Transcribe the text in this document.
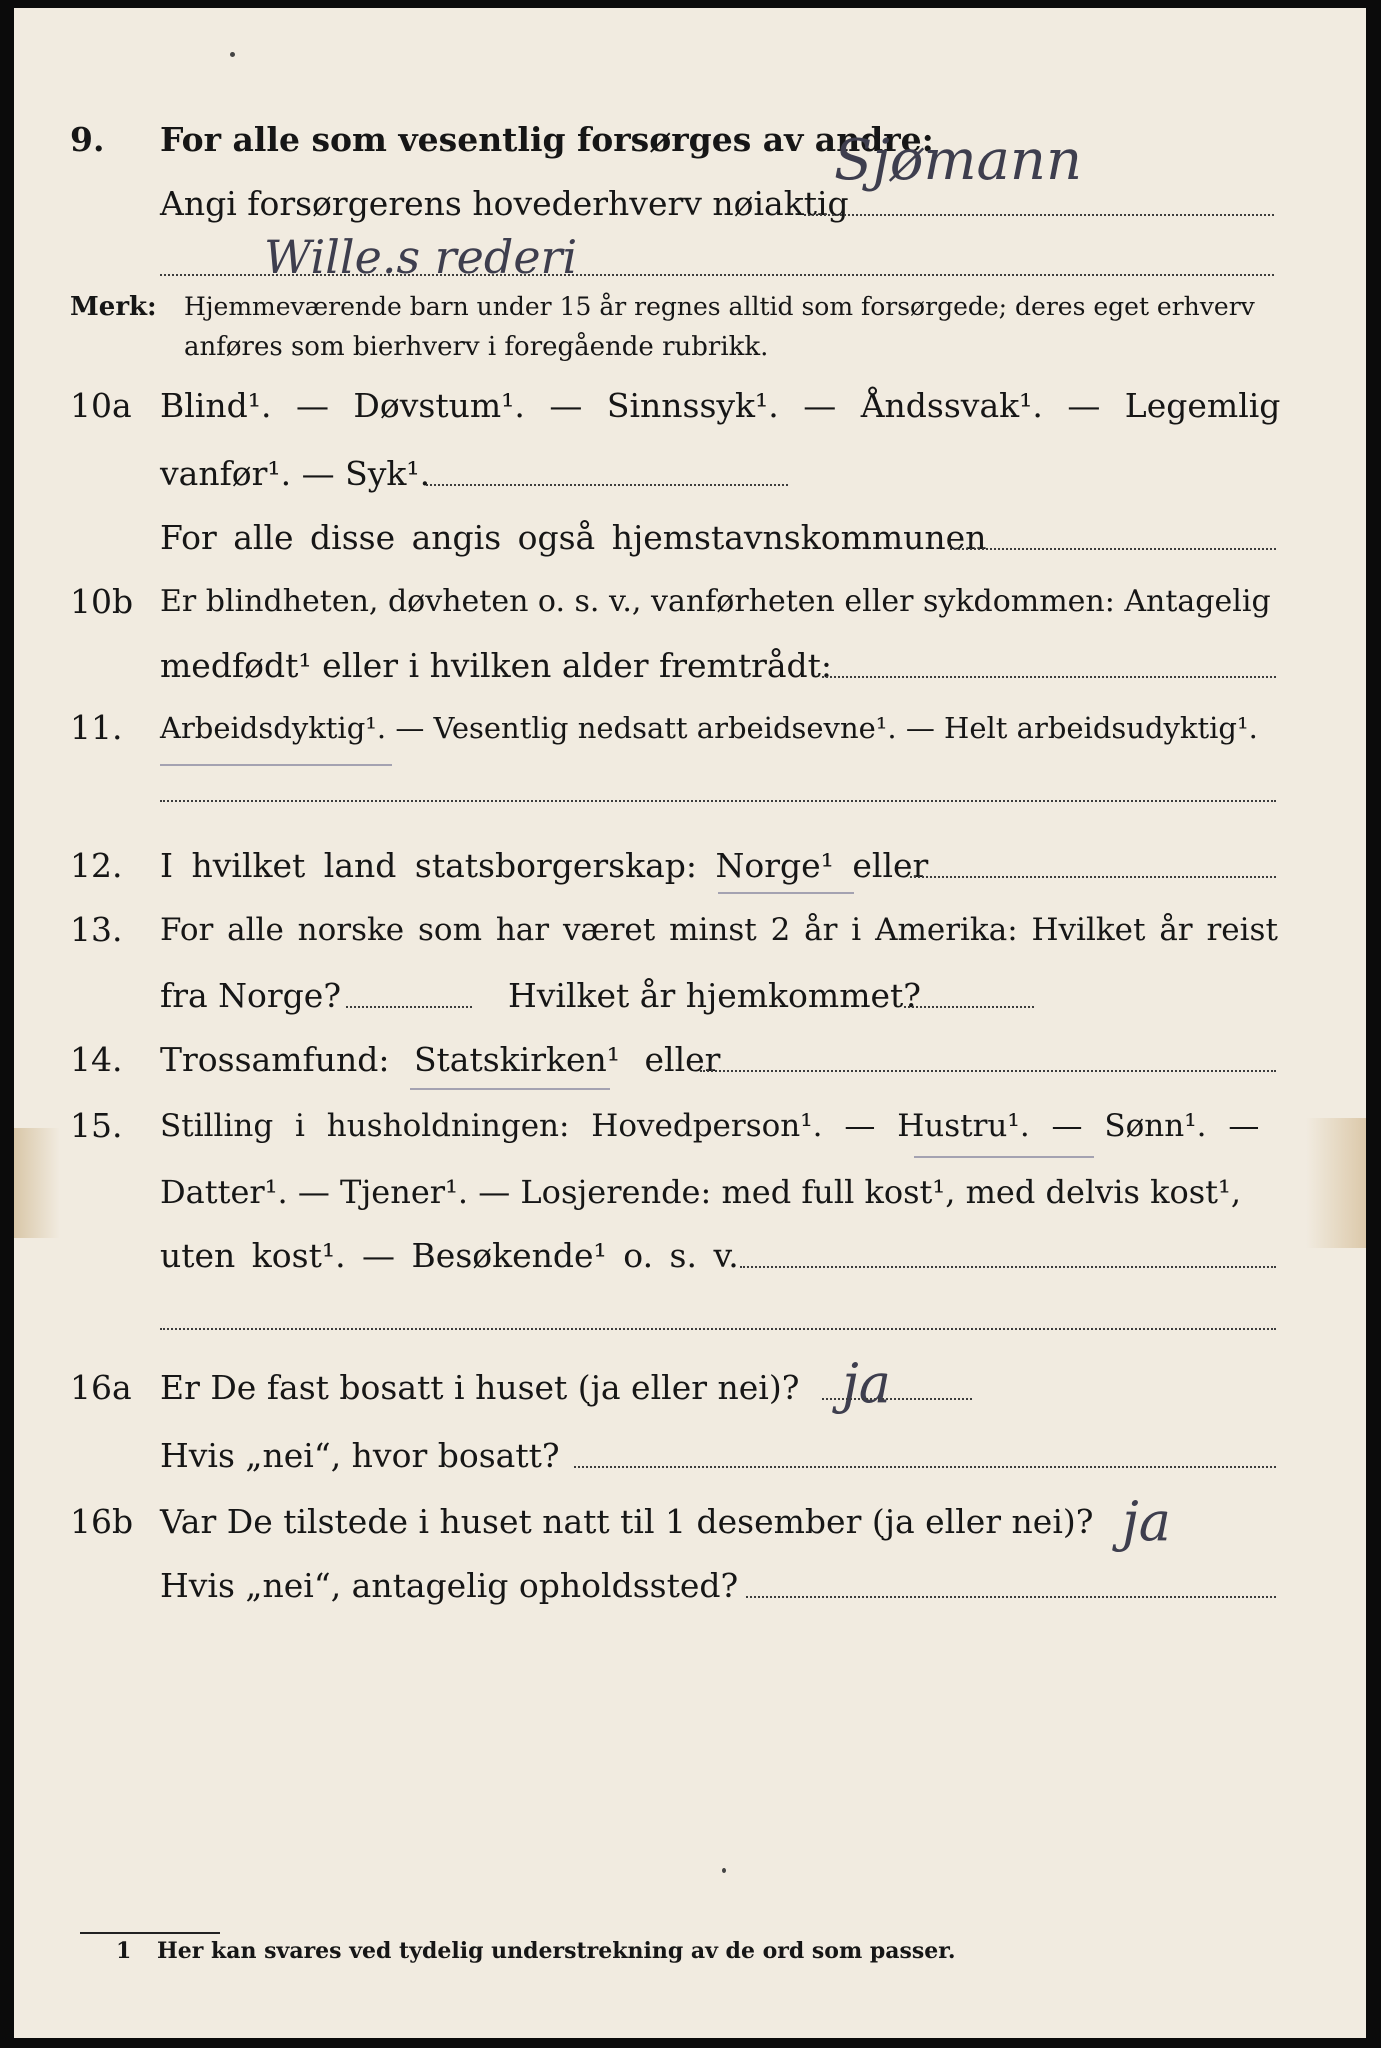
9. For alle som vesentlig forsørges av andre:
Sjømann
Angi forsørgerens hovederhverv nøiaktig
Wille.s rederi
Merk: Hjemmeværende barn under 15 år regnes alltid som forsørgede; deres eget erhverv
anføres som bierhverv i foregående rubrikk.
10a Blind¹. — Døvstum¹. — Sinnssyk¹. — Åndssvak¹. — Legemlig
vanfør¹. — Syk¹.
For alle disse angis også hjemstavnskommunen
10b Er blindheten, døvheten o. s. v., vanførheten eller sykdommen: Antagelig
medfødt¹ eller i hvilken alder fremtrådt:
11. Arbeidsdyktig¹. — Vesentlig nedsatt arbeidsevne¹. — Helt arbeidsudyktig¹.
12. I hvilket land statsborgerskap: Norge¹ eller
13. For alle norske som har været minst 2 år i Amerika: Hvilket år reist
fra Norge?	Hvilket år hjemkommet?
14. Trossamfund: Statskirken¹ eller
15. Stilling i husholdningen: Hovedperson¹. — Hustru¹. — Sønn¹. —
Datter¹. — Tjener¹. — Losjerende: med full kost¹, med delvis kost¹,
uten kost¹. — Besøkende¹ o. s. v.
16a Er De fast bosatt i huset (ja eller nei)? ja
Hvis „nei“, hvor bosatt?
16b Var De tilstede i huset natt til 1 desember (ja eller nei)? ja
Hvis „nei“, antagelig opholdssted?
1 Her kan svares ved tydelig understrekning av de ord som passer.
